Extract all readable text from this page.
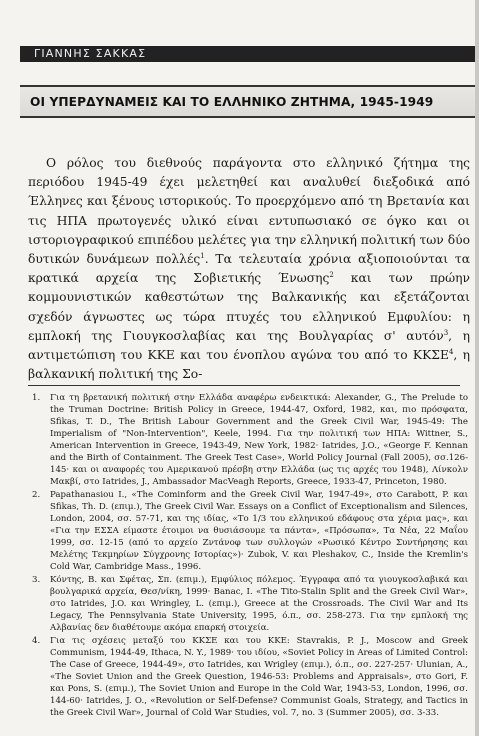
ΓΙΑΝΝΗΣ ΣΑΚΚΑΣ
ΟΙ ΥΠΕΡΔΥΝΑΜΕΙΣ ΚΑΙ ΤΟ ΕΛΛΗΝΙΚΟ ΖΗΤΗΜΑ, 1945-1949

Ο ρόλος του διεθνούς παράγοντα στο ελληνικό ζήτημα της περιόδου 1945-49 έχει μελετηθεί και αναλυθεί διεξοδικά από Έλληνες και ξένους ιστορικούς. Το προερχόμενο από τη Βρετανία και τις ΗΠΑ πρωτογενές υλικό είναι εντυπωσιακό σε όγκο και οι ιστοριογραφικού επιπέδου μελέτες για την ελληνική πολιτική των δύο δυτικών δυνάμεων πολλές$^1$. Τα τελευταία χρόνια αξιοποιούνται τα κρατικά αρχεία της Σοβιετικής Ένωσης$^2$ και των πρώην κομμουνιστικών καθεστώτων της Βαλκανικής και εξετάζονται σχεδόν άγνωστες ως τώρα πτυχές του ελληνικού Εμφυλίου: η εμπλοκή της Γιουγκοσλαβίας και της Βουλγαρίας σ' αυτόν$^3$, η αντιμετώπιση του ΚΚΕ και του ένοπλου αγώνα του από το ΚΚΣΕ$^4$, η βαλκανική πολιτική της Σο-

1. Για τη βρετανική πολιτική στην Ελλάδα αναφέρω ενδεικτικά: Alexander, G., The Prelude to the Truman Doctrine: British Policy in Greece, 1944-47, Oxford, 1982, και, πιο πρόσφατα, Sfikas, T. D., The British Labour Government and the Greek Civil War, 1945-49: The Imperialism of "Non-Intervention", Keele, 1994. Για την πολιτική των ΗΠΑ: Wittner, S., American Intervention in Greece, 1943-49, New York, 1982· Iatrides, J.O., «George F. Kennan and the Birth of Containment. The Greek Test Case», World Policy Journal (Fall 2005), σσ.126-145· και οι αναφορές του Αμερικανού πρέσβη στην Ελλάδα (ως τις αρχές του 1948), Λίνκολν Μακβί, στο Iatrides, J., Ambassador MacVeagh Reports, Greece, 1933-47, Princeton, 1980.
2. Papathanasiou I., «The Cominform and the Greek Civil War, 1947-49», στο Carabott, P. και Sfikas, Th. D. (επιμ.), The Greek Civil War. Essays on a Conflict of Exceptionalism and Silences, London, 2004, σσ. 57-71, και της ιδίας, «Το 1/3 του ελληνικού εδάφους στα χέρια μας», και «Για την ΕΣΣΑ είμαστε έτοιμοι να θυσιάσουμε τα πάντα», «Πρόσωπα», Τα Νέα, 22 Μαΐου 1999, σσ. 12-15 (από το αρχείο Ζντάνοφ των συλλογών «Ρωσικό Κέντρο Συντήρησης και Μελέτης Τεκμηρίων Σύγχρονης Ιστορίας»)· Zubok, V. και Pleshakov, C., Inside the Kremlin's Cold War, Cambridge Mass., 1996.
3. Κόντης, Β. και Σφέτας, Σπ. (επιμ.), Εμφύλιος πόλεμος. Έγγραφα από τα γιουγκοσλαβικά και βουλγαρικά αρχεία, Θεσ/νίκη, 1999· Banac, I. «The Tito-Stalin Split and the Greek Civil War», στο Iatrides, J.O. και Wringley, L. (επιμ.), Greece at the Crossroads. The Civil War and Its Legacy, The Pennsylvania State University, 1995, ό.π., σσ. 258-273. Για την εμπλοκή της Αλβανίας δεν διαθέτουμε ακόμα επαρκή στοιχεία.
4. Για τις σχέσεις μεταξύ του ΚΚΣΕ και του ΚΚΕ: Stavrakis, P. J., Moscow and Greek Communism, 1944-49, Ithaca, N. Y., 1989· του ιδίου, «Soviet Policy in Areas of Limited Control: The Case of Greece, 1944-49», στο Iatrides, και Wrigley (επιμ.), ό.π., σσ. 227-257· Ulunian, A., «The Soviet Union and the Greek Question, 1946-53: Problems and Appraisals», στο Gori, F. και Pons, S. (επιμ.), The Soviet Union and Europe in the Cold War, 1943-53, London, 1996, σσ. 144-60· Iatrides, J. O., «Revolution or Self-Defense? Communist Goals, Strategy, and Tactics in the Greek Civil War», Journal of Cold War Studies, vol. 7, no. 3 (Summer 2005), σσ. 3-33.
